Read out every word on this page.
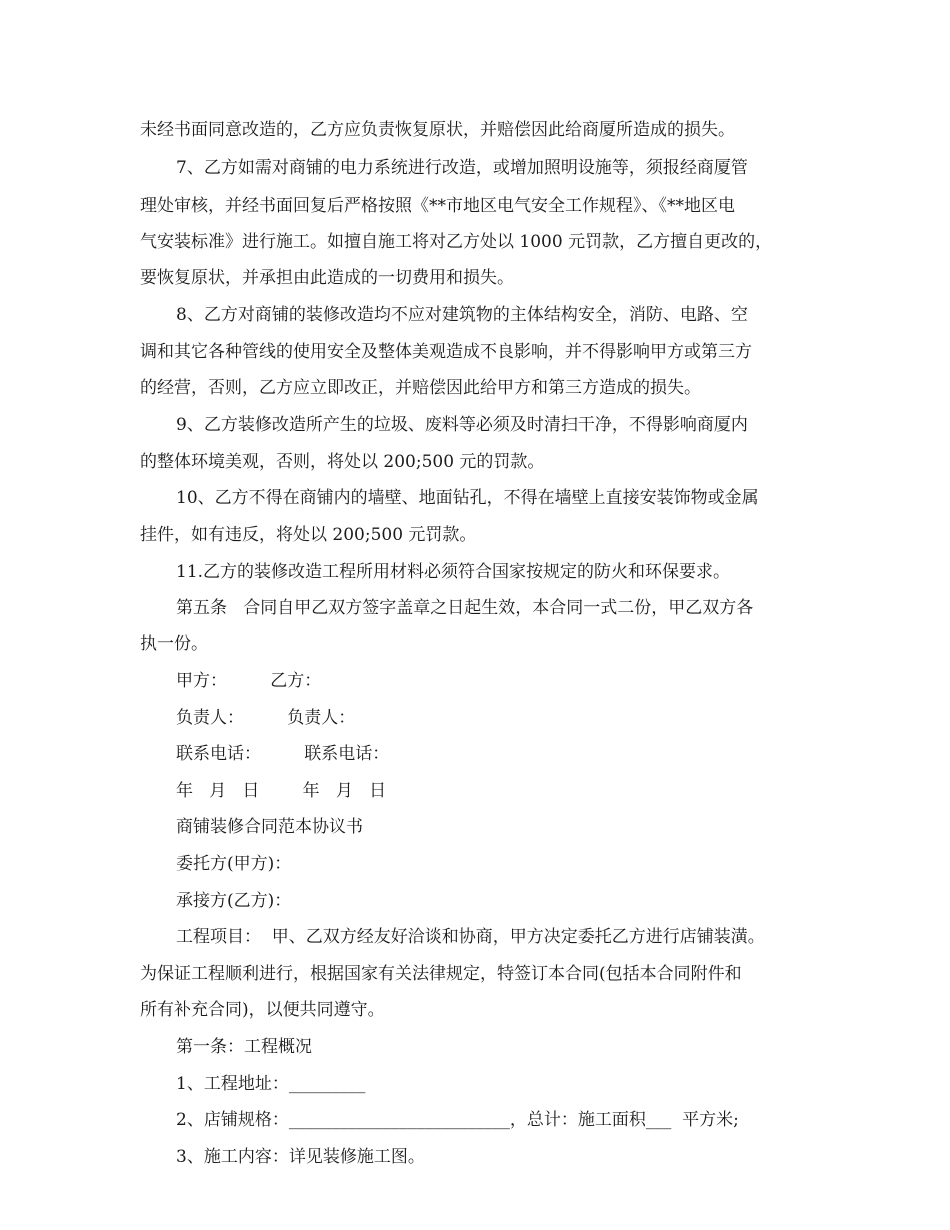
未经书面同意改造的，乙方应负责恢复原状，并赔偿因此给商厦所造成的损失。

7、乙方如需对商铺的电力系统进行改造，或增加照明设施等，须报经商厦管

理处审核，并经书面回复后严格按照《**市地区电气安全工作规程》、《**地区电

气安装标准》进行施工。如擅自施工将对乙方处以 1000 元罚款，乙方擅自更改的，

要恢复原状，并承担由此造成的一切费用和损失。

8、乙方对商铺的装修改造均不应对建筑物的主体结构安全，消防、电路、空

调和其它各种管线的使用安全及整体美观造成不良影响，并不得影响甲方或第三方

的经营，否则，乙方应立即改正，并赔偿因此给甲方和第三方造成的损失。

9、乙方装修改造所产生的垃圾、废料等必须及时清扫干净，不得影响商厦内

的整体环境美观，否则，将处以 200;500 元的罚款。

10、乙方不得在商铺内的墙壁、地面钻孔，不得在墙壁上直接安装饰物或金属

挂件，如有违反，将处以 200;500 元罚款。

11.乙方的装修改造工程所用材料必须符合国家按规定的防火和环保要求。

第五条   合同自甲乙双方签字盖章之日起生效，本合同一式二份，甲乙双方各

执一份。

甲方：        乙方：

负责人：        负责人：

联系电话：        联系电话：

年   月   日        年   月   日

商铺装修合同范本协议书

委托方(甲方)：

承接方(乙方)：

工程项目：  甲、乙双方经友好洽谈和协商，甲方决定委托乙方进行店铺装潢。

为保证工程顺利进行，根据国家有关法律规定，特签订本合同(包括本合同附件和

所有补充合同)，以便共同遵守。

第一条：工程概况

1、工程地址：_________

2、店铺规格：__________________________，总计：施工面积___  平方米;

3、施工内容：详见装修施工图。
